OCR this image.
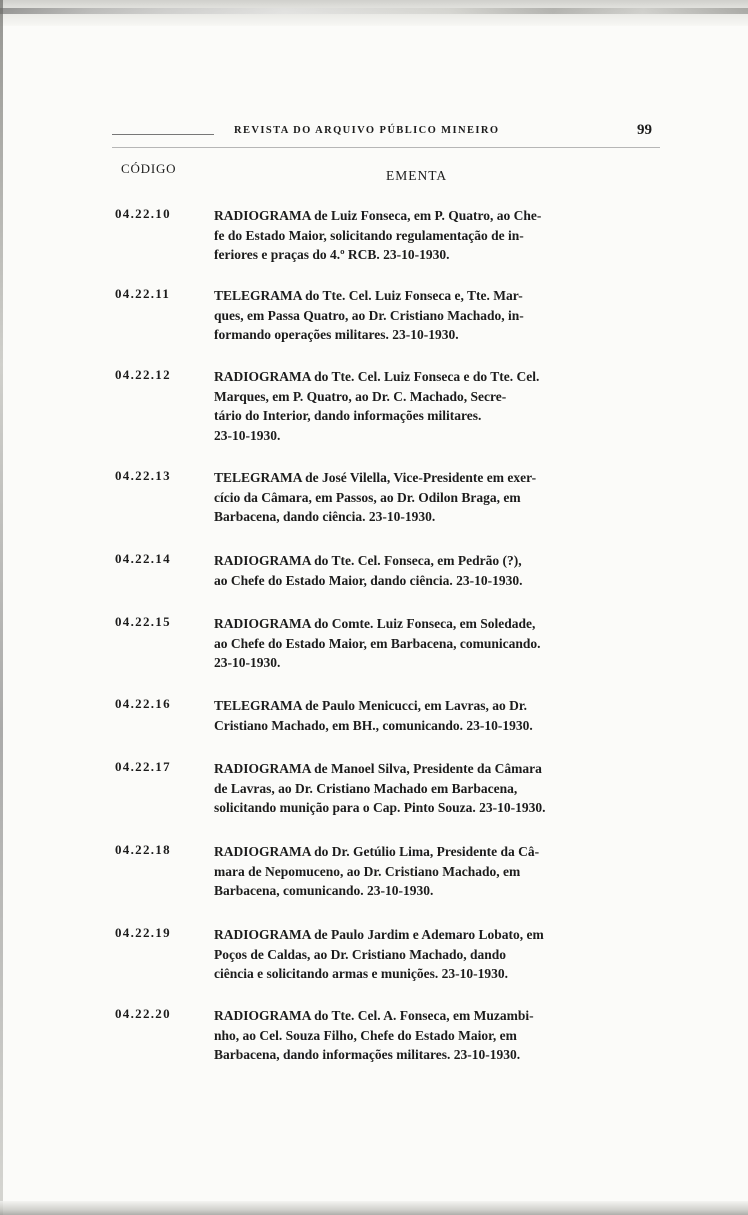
REVISTA DO ARQUIVO PÚBLICO MINEIRO	99
CÓDIGO	EMENTA
04.22.10	RADIOGRAMA de Luiz Fonseca, em P. Quatro, ao Che-
fe do Estado Maior, solicitando regulamentação de in-
feriores e praças do 4.º RCB. 23-10-1930.
04.22.11	TELEGRAMA do Tte. Cel. Luiz Fonseca e, Tte. Mar-
ques, em Passa Quatro, ao Dr. Cristiano Machado, in-
formando operações militares. 23-10-1930.
04.22.12	RADIOGRAMA do Tte. Cel. Luiz Fonseca e do Tte. Cel.
Marques, em P. Quatro, ao Dr. C. Machado, Secre-
tário do Interior, dando informações militares.
23-10-1930.
04.22.13	TELEGRAMA de José Vilella, Vice-Presidente em exer-
cício da Câmara, em Passos, ao Dr. Odilon Braga, em
Barbacena, dando ciência. 23-10-1930.
04.22.14	RADIOGRAMA do Tte. Cel. Fonseca, em Pedrão (?),
ao Chefe do Estado Maior, dando ciência. 23-10-1930.
04.22.15	RADIOGRAMA do Comte. Luiz Fonseca, em Soledade,
ao Chefe do Estado Maior, em Barbacena, comunicando.
23-10-1930.
04.22.16	TELEGRAMA de Paulo Menicucci, em Lavras, ao Dr.
Cristiano Machado, em BH., comunicando. 23-10-1930.
04.22.17	RADIOGRAMA de Manoel Silva, Presidente da Câmara
de Lavras, ao Dr. Cristiano Machado em Barbacena,
solicitando munição para o Cap. Pinto Souza. 23-10-1930.
04.22.18	RADIOGRAMA do Dr. Getúlio Lima, Presidente da Câ-
mara de Nepomuceno, ao Dr. Cristiano Machado, em
Barbacena, comunicando. 23-10-1930.
04.22.19	RADIOGRAMA de Paulo Jardim e Ademaro Lobato, em
Poços de Caldas, ao Dr. Cristiano Machado, dando
ciência e solicitando armas e munições. 23-10-1930.
04.22.20	RADIOGRAMA do Tte. Cel. A. Fonseca, em Muzambi-
nho, ao Cel. Souza Filho, Chefe do Estado Maior, em
Barbacena, dando informações militares. 23-10-1930.
